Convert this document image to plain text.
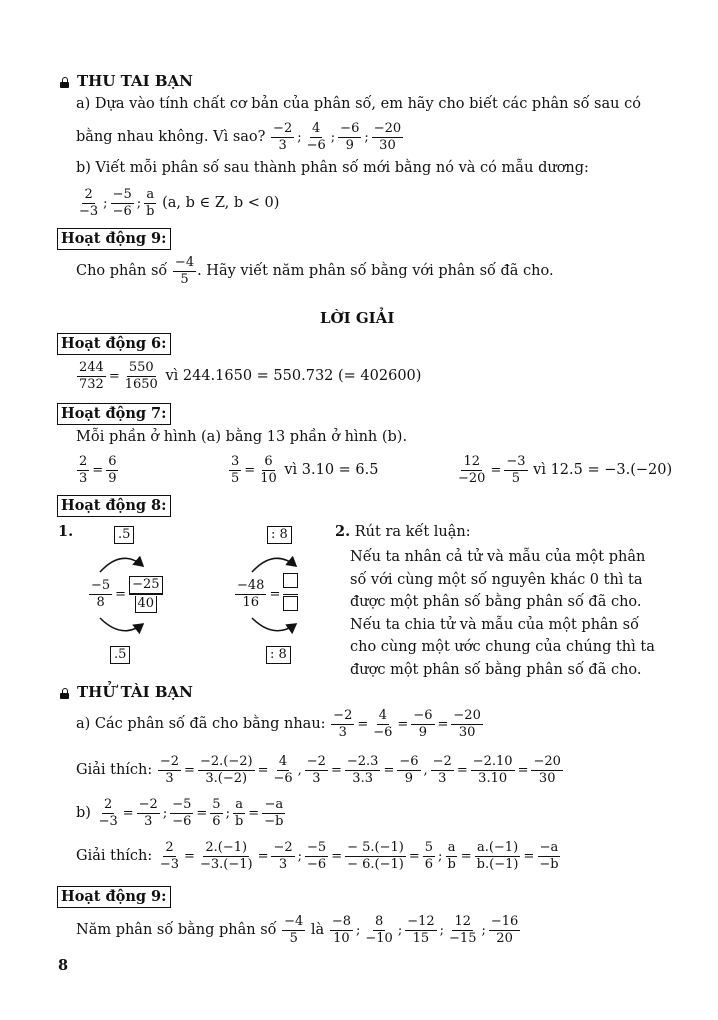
THU TAI BẠN
a) Dựa vào tính chất cơ bản của phân số, em hãy cho biết các phân số sau có
bằng nhau không. Vì sao?
$\frac{-2}{3}$ ; $\frac{4}{-6}$ ; $\frac{-6}{9}$ ; $\frac{-20}{30}$
b) Viết mỗi phân số sau thành phân số mới bằng nó và có mẫu dương:
$\frac{2}{-3}$ ; $\frac{-5}{-6}$ ; $\frac{a}{b}$
(a, b ∈ Z, b < 0)
Hoạt động 9:
Cho phân số
$\frac{-4}{5}$ . Hãy viết năm phân số bằng với phân số đã cho.
LỜI GIẢI
Hoạt động 6:
$\frac{244}{732} = \frac{550}{1650}$
vì 244.1650 = 550.732 (= 402600)
Hoạt động 7:
Mỗi phần ở hình (a) bằng 13 phần ở hình (b).
$\frac{2}{3} = \frac{6}{9}$	$\frac{3}{5} = \frac{6}{10}$
vì 3.10 = 6.5	$\frac{12}{-20} = \frac{-3}{5}$
vì 12.5 = −3.(−20)
Hoạt động 8:
1.	.5
.5
: 8
: 8
$\frac{-5}{8} = \frac{-25}{40}$	$\frac{-48}{16}$ =
2. Rút ra kết luận:
Nếu ta nhân cả tử và mẫu của một phân
số với cùng một số nguyên khác 0 thì ta
được một phân số bằng phân số đã cho.
Nếu ta chia tử và mẫu của một phân số
cho cùng một ước chung của chúng thì ta
được một phân số bằng phân số đã cho.
THỬ TÀI BẠN
a) Các phân số đã cho bằng nhau:
$\frac{-2}{3} = \frac{4}{-6} = \frac{-6}{9} = \frac{-20}{30}$
Giải thích:
$\frac{-2}{3} = \frac{-2.(-2)}{3.(-2)} = \frac{4}{-6}$ , $\frac{-2}{3} = \frac{-2.3}{3.3} = \frac{-6}{9}$ , $\frac{-2}{3} = \frac{-2.10}{3.10} = \frac{-20}{30}$
b)
$\frac{2}{-3} = \frac{-2}{3}$ ; $\frac{-5}{-6} = \frac{5}{6}$ ; $\frac{a}{b} = \frac{-a}{-b}$
Giải thích:
$\frac{2}{-3} = \frac{2.(-1)}{-3.(-1)} = \frac{-2}{3}$ ; $\frac{-5}{-6} = \frac{- 5.(-1)}{- 6.(-1)} = \frac{5}{6}$ ; $\frac{a}{b} = \frac{a.(-1)}{b.(-1)} = \frac{-a}{-b}$
Hoạt động 9:
Năm phân số bằng phân số
$\frac{-4}{5}$
là
$\frac{-8}{10}$ ; $\frac{8}{-10}$ ; $\frac{-12}{15}$ ; $\frac{12}{-15}$ ; $\frac{-16}{20}$
8
